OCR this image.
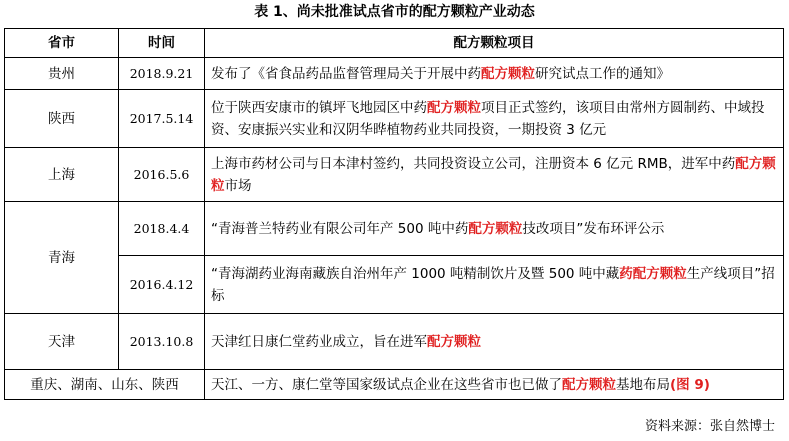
表 1、尚未批准试点省市的配方颗粒产业动态
省市	时间	配方颗粒项目
贵州	2018.9.21	发布了《省食品药品监督管理局关于开展中药配方颗粒研究试点工作的通知》
陕西	2017.5.14	位于陕西安康市的镇坪飞地园区中药配方颗粒项目正式签约，该项目由常州方圆制药、中域投资、安康振兴实业和汉阴华晔植物药业共同投资，一期投资 3 亿元
上海	2016.5.6	上海市药材公司与日本津村签约，共同投资设立公司，注册资本 6 亿元 RMB，进军中药配方颗粒市场
青海	2018.4.4	“青海普兰特药业有限公司年产 500 吨中药配方颗粒技改项目”发布环评公示
	2016.4.12	“青海湖药业海南藏族自治州年产 1000 吨精制饮片及暨 500 吨中藏药配方颗粒生产线项目”招标
天津	2013.10.8	天津红日康仁堂药业成立，旨在进军配方颗粒
重庆、湖南、山东、陕西		天江、一方、康仁堂等国家级试点企业在这些省市也已做了配方颗粒基地布局(图 9)
资料来源：张自然博士
